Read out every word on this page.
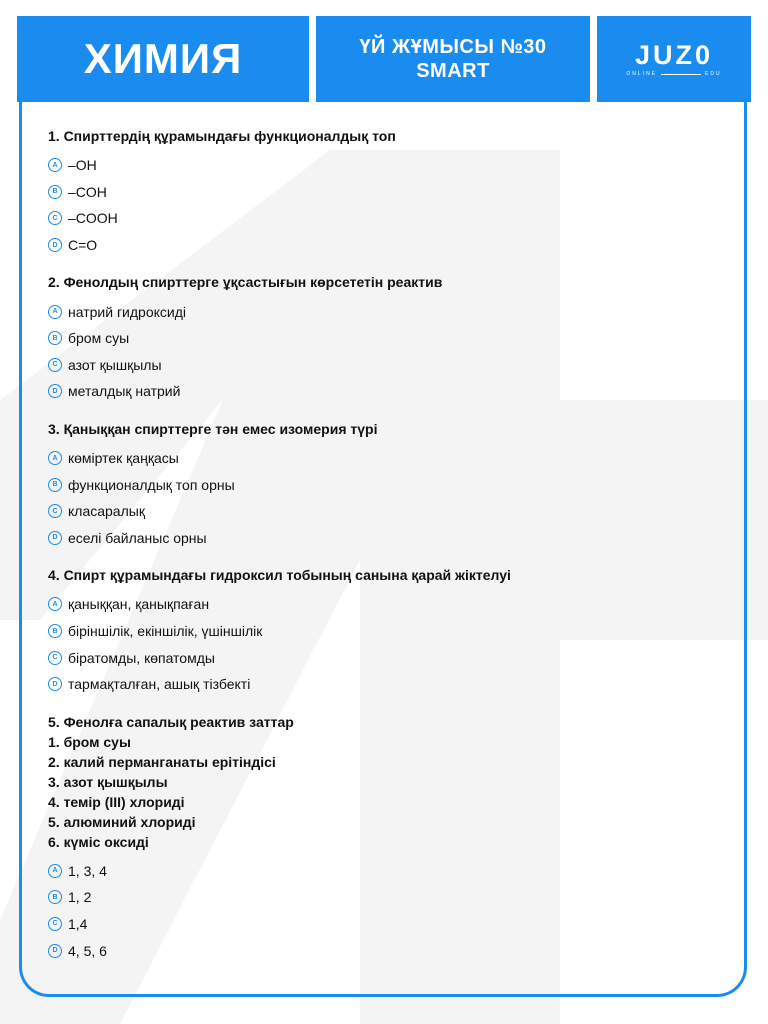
ХИМИЯ	ҮЙ ЖҰМЫСЫ №30
SMART
JUZ0
ONLINE	EDU
1. Спирттердің құрамындағы функционалдық топ
A –OH
B –COH
C –COOH
D C=O
2. Фенолдың спирттерге ұқсастығын көрсететін реактив
A натрий гидроксиді
B бром суы
C азот қышқылы
D металдық натрий
3. Қаныққан спирттерге тән емес изомерия түрі
A көміртек қаңқасы
B функционалдық топ орны
C класаралық
D еселі байланыс орны
4. Спирт құрамындағы гидроксил тобының санына қарай жіктелуі
A қаныққан, қанықпаған
B біріншілік, екіншілік, үшіншілік
C біратомды, көпатомды
D тармақталған, ашық тізбекті
5. Фенолға сапалық реактив заттар
1. бром суы
2. калий перманганаты ерітіндісі
3. азот қышқылы
4. темір (III) хлориді
5. алюминий хлориді
6. күміс оксиді
A 1, 3, 4
B 1, 2
C 1,4
D 4, 5, 6
